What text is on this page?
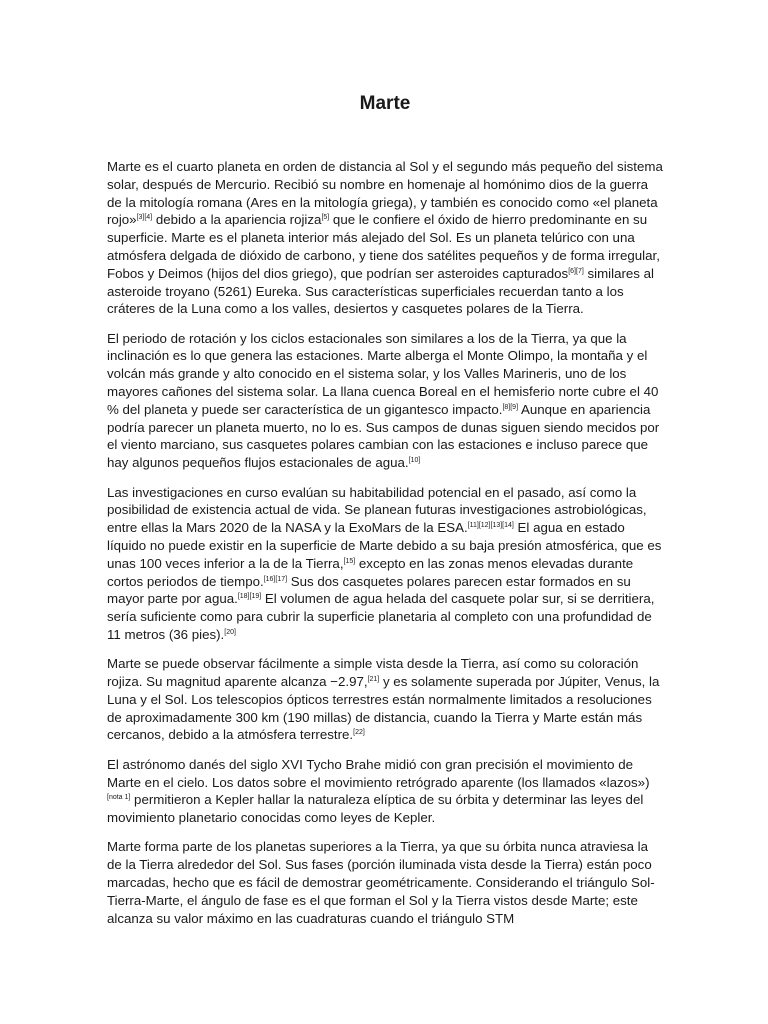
Marte

Marte es el cuarto planeta en orden de distancia al Sol y el segundo más pequeño del sistema solar, después de Mercurio. Recibió su nombre en homenaje al homónimo dios de la guerra de la mitología romana (Ares en la mitología griega), y también es conocido como «el planeta rojo»[3][4] debido a la apariencia rojiza[5] que le confiere el óxido de hierro predominante en su superficie. Marte es el planeta interior más alejado del Sol. Es un planeta telúrico con una atmósfera delgada de dióxido de carbono, y tiene dos satélites pequeños y de forma irregular, Fobos y Deimos (hijos del dios griego), que podrían ser asteroides capturados[6][7] similares al asteroide troyano (5261) Eureka. Sus características superficiales recuerdan tanto a los cráteres de la Luna como a los valles, desiertos y casquetes polares de la Tierra.

El periodo de rotación y los ciclos estacionales son similares a los de la Tierra, ya que la inclinación es lo que genera las estaciones. Marte alberga el Monte Olimpo, la montaña y el volcán más grande y alto conocido en el sistema solar, y los Valles Marineris, uno de los mayores cañones del sistema solar. La llana cuenca Boreal en el hemisferio norte cubre el 40 % del planeta y puede ser característica de un gigantesco impacto.[8][9] Aunque en apariencia podría parecer un planeta muerto, no lo es. Sus campos de dunas siguen siendo mecidos por el viento marciano, sus casquetes polares cambian con las estaciones e incluso parece que hay algunos pequeños flujos estacionales de agua.[10]

Las investigaciones en curso evalúan su habitabilidad potencial en el pasado, así como la posibilidad de existencia actual de vida. Se planean futuras investigaciones astrobiológicas, entre ellas la Mars 2020 de la NASA y la ExoMars de la ESA.[11][12][13][14] El agua en estado líquido no puede existir en la superficie de Marte debido a su baja presión atmosférica, que es unas 100 veces inferior a la de la Tierra,[15] excepto en las zonas menos elevadas durante cortos periodos de tiempo.[16][17] Sus dos casquetes polares parecen estar formados en su mayor parte por agua.[18][19] El volumen de agua helada del casquete polar sur, si se derritiera, sería suficiente como para cubrir la superficie planetaria al completo con una profundidad de 11 metros (36 pies).[20]

Marte se puede observar fácilmente a simple vista desde la Tierra, así como su coloración rojiza. Su magnitud aparente alcanza −2.97,[21] y es solamente superada por Júpiter, Venus, la Luna y el Sol. Los telescopios ópticos terrestres están normalmente limitados a resoluciones de aproximadamente 300 km (190 millas) de distancia, cuando la Tierra y Marte están más cercanos, debido a la atmósfera terrestre.[22]

El astrónomo danés del siglo XVI Tycho Brahe midió con gran precisión el movimiento de Marte en el cielo. Los datos sobre el movimiento retrógrado aparente (los llamados «lazos»)[nota 1] permitieron a Kepler hallar la naturaleza elíptica de su órbita y determinar las leyes del movimiento planetario conocidas como leyes de Kepler.

Marte forma parte de los planetas superiores a la Tierra, ya que su órbita nunca atraviesa la de la Tierra alrededor del Sol. Sus fases (porción iluminada vista desde la Tierra) están poco marcadas, hecho que es fácil de demostrar geométricamente. Considerando el triángulo Sol-Tierra-Marte, el ángulo de fase es el que forman el Sol y la Tierra vistos desde Marte; este alcanza su valor máximo en las cuadraturas cuando el triángulo STM
